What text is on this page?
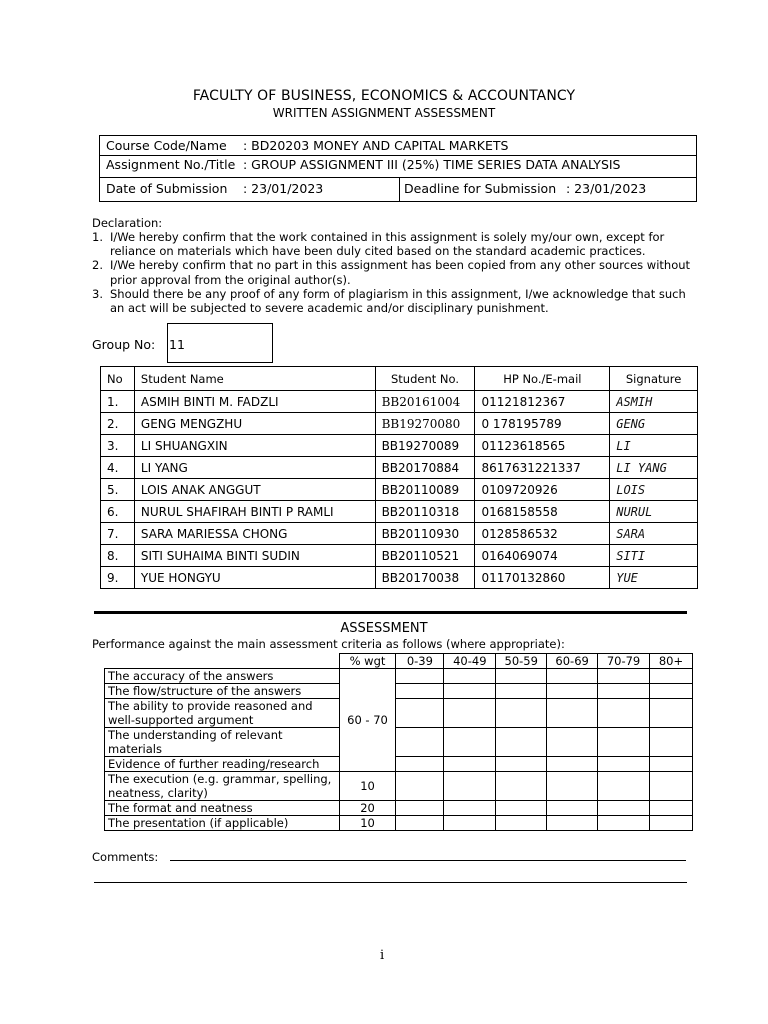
FACULTY OF BUSINESS, ECONOMICS & ACCOUNTANCY
WRITTEN ASSIGNMENT ASSESSMENT
Course Code/Name : BD20203 MONEY AND CAPITAL MARKETS
Assignment No./Title : GROUP ASSIGNMENT III (25%) TIME SERIES DATA ANALYSIS
Date of Submission : 23/01/2023	Deadline for Submission : 23/01/2023
Declaration:
1. I/We hereby confirm that the work contained in this assignment is solely my/our own, except for reliance on materials which have been duly cited based on the standard academic practices.
2. I/We hereby confirm that no part in this assignment has been copied from any other sources without prior approval from the original author(s).
3. Should there be any proof of any form of plagiarism in this assignment, I/we acknowledge that such an act will be subjected to severe academic and/or disciplinary punishment.
Group No: 11
No	Student Name	Student No.	HP No./E-mail	Signature
1.	ASMIH BINTI M. FADZLI	BB20161004	01121812367	ASMIH
2.	GENG MENGZHU	BB19270080	0 178195789	GENG
3.	LI SHUANGXIN	BB19270089	01123618565	LI
4.	LI YANG	BB20170884	8617631221337	LI YANG
5.	LOIS ANAK ANGGUT	BB20110089	0109720926	LOIS
6.	NURUL SHAFIRAH BINTI P RAMLI	BB20110318	0168158558	NURUL
7.	SARA MARIESSA CHONG	BB20110930	0128586532	SARA
8.	SITI SUHAIMA BINTI SUDIN	BB20110521	0164069074	SITI
9.	YUE HONGYU	BB20170038	01170132860	YUE
ASSESSMENT
Performance against the main assessment criteria as follows (where appropriate):
	% wgt	0-39	40-49	50-59	60-69	70-79	80+
The accuracy of the answers	60 - 70						
The flow/structure of the answers							
The ability to provide reasoned and well-supported argument							
The understanding of relevant materials							
Evidence of further reading/research							
The execution (e.g. grammar, spelling, neatness, clarity)	10						
The format and neatness	20						
The presentation (if applicable)	10						
Comments:
i
